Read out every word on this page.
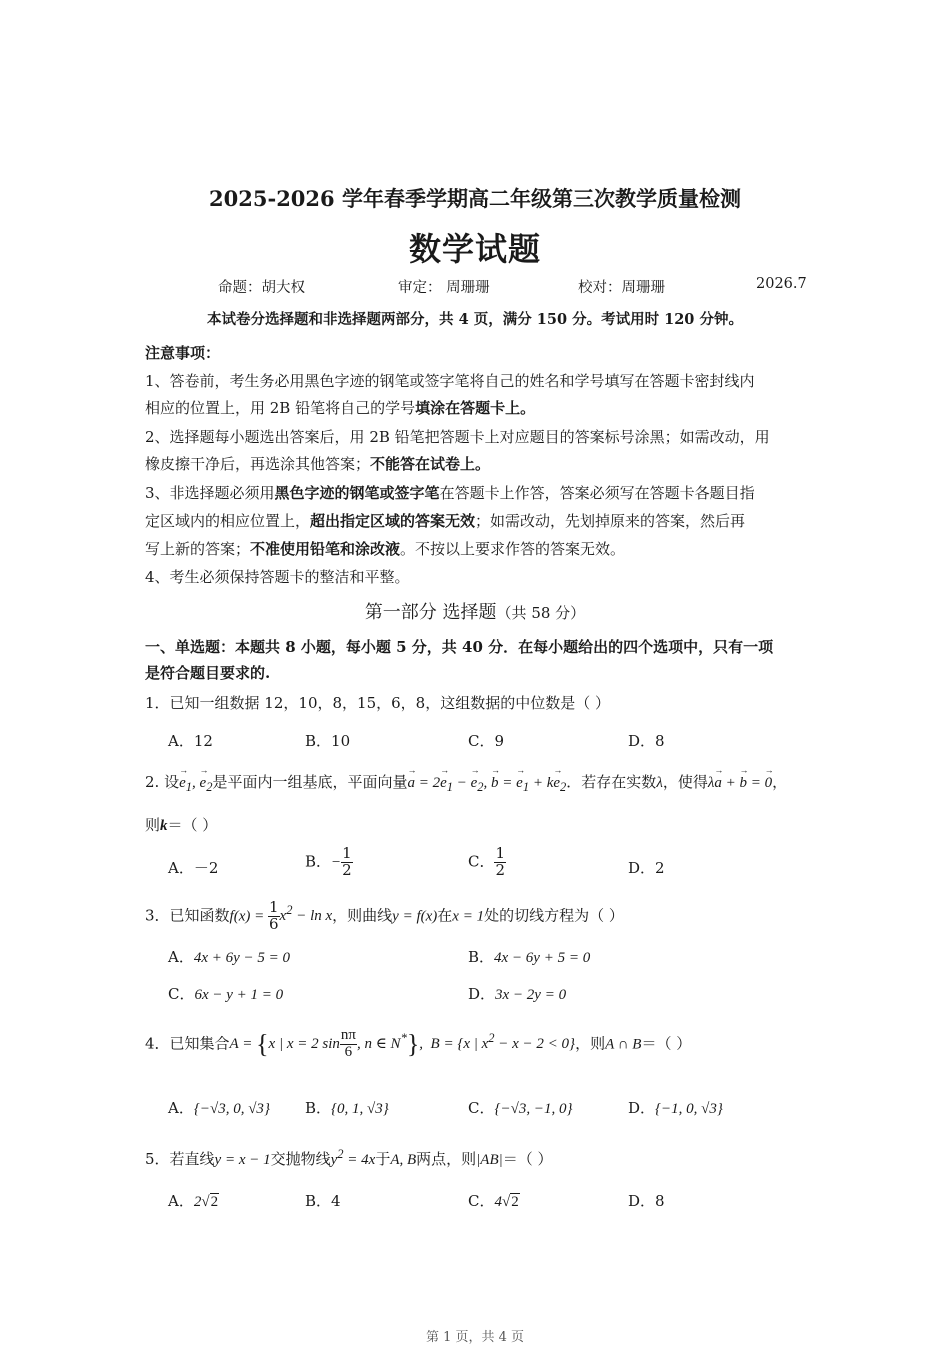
2025-2026 学年春季学期高二年级第三次教学质量检测
数学试题
命题：胡大权	审定： 周珊珊	校对：周珊珊	2026.7
本试卷分选择题和非选择题两部分，共 4 页，满分 150 分。考试用时 120 分钟。
注意事项：
1、答卷前，考生务必用黑色字迹的钢笔或签字笔将自己的姓名和学号填写在答题卡密封线内
相应的位置上，用 2B 铅笔将自己的学号填涂在答题卡上。
2、选择题每小题选出答案后，用 2B 铅笔把答题卡上对应题目的答案标号涂黑；如需改动，用
橡皮擦干净后，再选涂其他答案；不能答在试卷上。
3、非选择题必须用黑色字迹的钢笔或签字笔在答题卡上作答，答案必须写在答题卡各题目指
定区域内的相应位置上，超出指定区域的答案无效；如需改动，先划掉原来的答案，然后再
写上新的答案；不准使用铅笔和涂改液。不按以上要求作答的答案无效。
4、考生必须保持答题卡的整洁和平整。
第一部分 选择题（共 58 分）
一、单选题：本题共 8 小题，每小题 5 分，共 40 分．在每小题给出的四个选项中，只有一项
是符合题目要求的.
1．已知一组数据 12，10，8，15，6，8，这组数据的中位数是（ ）
A．12	B．10	C．9	D．8
2. 设→ $e_1$, → $e_2$是平面内一组基底，平面向量→ $a = 2\to e_1$ − → $e_2$, → b = → $e_1 + k\to e_2$．若存在实数λ，使得λ→ a + → b = → 0，
则k＝（ ）
A．－2	B．− $\frac{1}{2}$	C． $\frac{1}{2}$	D．2
3．已知函数$f(x) = \frac{1}{6} x^2 - \ln x$，则曲线y = f(x)在x = 1处的切线方程为（ ）
A．4x + 6y − 5 = 0	B．4x − 6y + 5 = 0
C．6x − y + 1 = 0	D．3x − 2y = 0
4．已知集合A = {x | x = 2 $\sin \frac{n\pi}{6}$ , n ∈ N*},  B = {x | $x^2 - x - 2 < 0$}，则A ∩ B＝（ ）
A．{−√3, 0, √3} B．{0, 1, √3}	C．{−√3, −1, 0}	D．{−1, 0, √3}
5．若直线y = x − 1交抛物线$y^2 = 4x$于A, B两点，则|AB|＝（ ）
A．2√2	B．4	C．4√2	D．8
第 1 页，共 4 页
